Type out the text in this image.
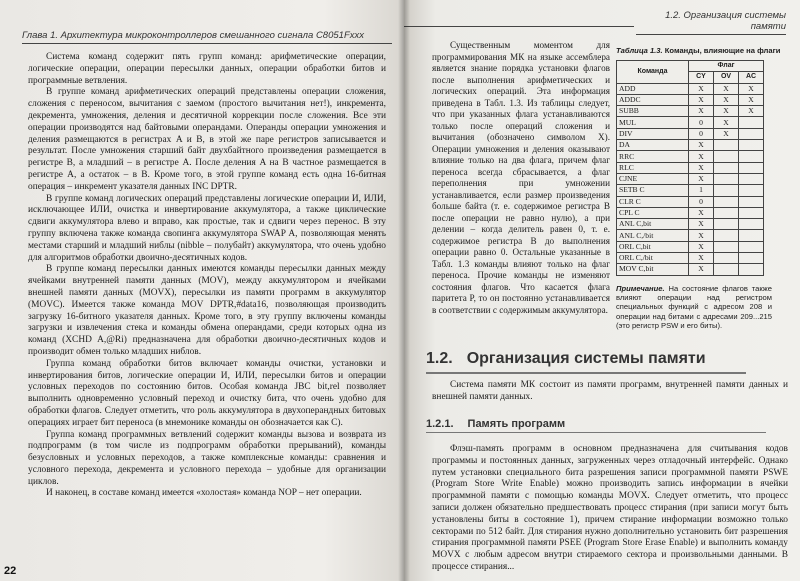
Глава 1. Архитектура микроконтроллеров смешанного сигнала C8051Fxxx

Система команд содержит пять групп команд: арифметические операции, логические операции, операции пересылки данных, операции обработки битов и программные ветвления.

В группе команд арифметических операций представлены операции сложения, сложения с переносом, вычитания с заемом (простого вычитания нет!), инкремента, декремента, умножения, деления и десятичной коррекции после сложения. Все эти операции производятся над байтовыми операндами. Операнды операции умножения и деления размещаются в регистрах A и B, в этой же паре регистров записывается и результат. После умножения старший байт двухбайтного произведения размещается в регистре B, а младший – в регистре A. После деления A на B частное размещается в регистре A, а остаток – в B. Кроме того, в этой группе команд есть одна 16-битная операция – инкремент указателя данных INC DPTR.

В группе команд логических операций представлены логические операции И, ИЛИ, исключающее ИЛИ, очистка и инвертирование аккумулятора, а также циклические сдвиги аккумулятора влево и вправо, как простые, так и сдвиги через перенос. В эту группу включена также команда свопинга аккумулятора SWAP A, позволяющая менять местами старший и младший ниблы (nibble – полубайт) аккумулятора, что очень удобно для алгоритмов обработки двоично-десятичных кодов.

В группе команд пересылки данных имеются команды пересылки данных между ячейками внутренней памяти данных (MOV), между аккумулятором и ячейками внешней памяти данных (MOVX), пересылки из памяти программ в аккумулятор (MOVC). Имеется также команда MOV DPTR,#data16, позволяющая производить загрузку 16-битного указателя данных. Кроме того, в эту группу включены команды загрузки и извлечения стека и команды обмена операндами, среди которых одна из команд (XCHD A,@Ri) предназначена для обработки двоично-десятичных кодов и производит обмен только младших ниблов.

Группа команд обработки битов включает команды очистки, установки и инвертирования битов, логические операции И, ИЛИ, пересылки битов и операции условных переходов по состоянию битов. Особая команда JBC bit,rel позволяет выполнить одновременно условный переход и очистку бита, что очень удобно для обработки флагов. Следует отметить, что роль аккумулятора в двухоперандных битовых операциях играет бит переноса (в мнемонике команды он обозначается как C).

Группа команд программных ветвлений содержит команды вызова и возврата из подпрограмм (в том числе из подпрограмм обработки прерываний), команды безусловных и условных переходов, а также комплексные команды: сравнения и условного перехода, декремента и условного перехода – удобные для организации циклов.

И наконец, в составе команд имеется «холостая» команда NOP – нет операции.

22
1.2. Организация системы памяти

Существенным моментом для программирования МК на языке ассемблера является знание порядка установки флагов после выполнения арифметических и логических операций. Эта информация приведена в Табл. 1.3. Из таблицы следует, что при указанных флага устанавливаются только после операций сложения и вычитания (обозначено символом X). Операции умножения и деления оказывают влияние только на два флага, причем флаг переноса всегда сбрасывается, а флаг переполнения при умножении устанавливается, если размер произведения больше байта (т. е. содержимое регистра B после операции не равно нулю), а при делении – когда делитель равен 0, т. е. содержимое регистра B до выполнения операции равно 0. Остальные указанные в Табл. 1.3 команды влияют только на флаг переноса. Прочие команды не изменяют состояния флагов. Что касается флага паритета P, то он постоянно устанавливается в соответствии с содержимым аккумулятора.

Таблица 1.3. Команды, влияющие на флаги
Команда	Флаг		
	CY	OV	AC
ADD	X	X	X
ADDC	X	X	X
SUBB	X	X	X
MUL	0	X	
DIV	0	X	
DA	X		
RRC	X		
RLC	X		
CJNE	X		
SETB C	1		
CLR C	0		
CPL C	X		
ANL C,bit	X		
ANL C,/bit	X		
ORL C,bit	X		
ORL C,/bit	X		
MOV C,bit	X		
Примечание. На состояние флагов также влияют операции над регистром специальных функций с адресом 208 и операции над битами с адресами 209...215 (это регистр PSW и его биты).
1.2. Организация системы памяти

Система памяти МК состоит из памяти программ, внутренней памяти данных и внешней памяти данных.

1.2.1. Память программ

Флэш-память программ в основном предназначена для считывания кодов программы и постоянных данных, загруженных через отладочный интерфейс. Однако путем установки специального бита разрешения записи программной памяти PSWE (Program Store Write Enable) можно производить запись информации в ячейки программной памяти с помощью команды MOVX. Следует отметить, что процесс записи должен обязательно предшествовать процесс стирания (при записи могут быть установлены биты в состояние 1), причем стирание информации возможно только секторами по 512 байт. Для стирания нужно дополнительно установить бит разрешения стирания программной памяти PSEE (Program Store Erase Enable) и выполнить команду MOVX с любым адресом внутри стираемого сектора и произвольными данными. В процессе стирания...
